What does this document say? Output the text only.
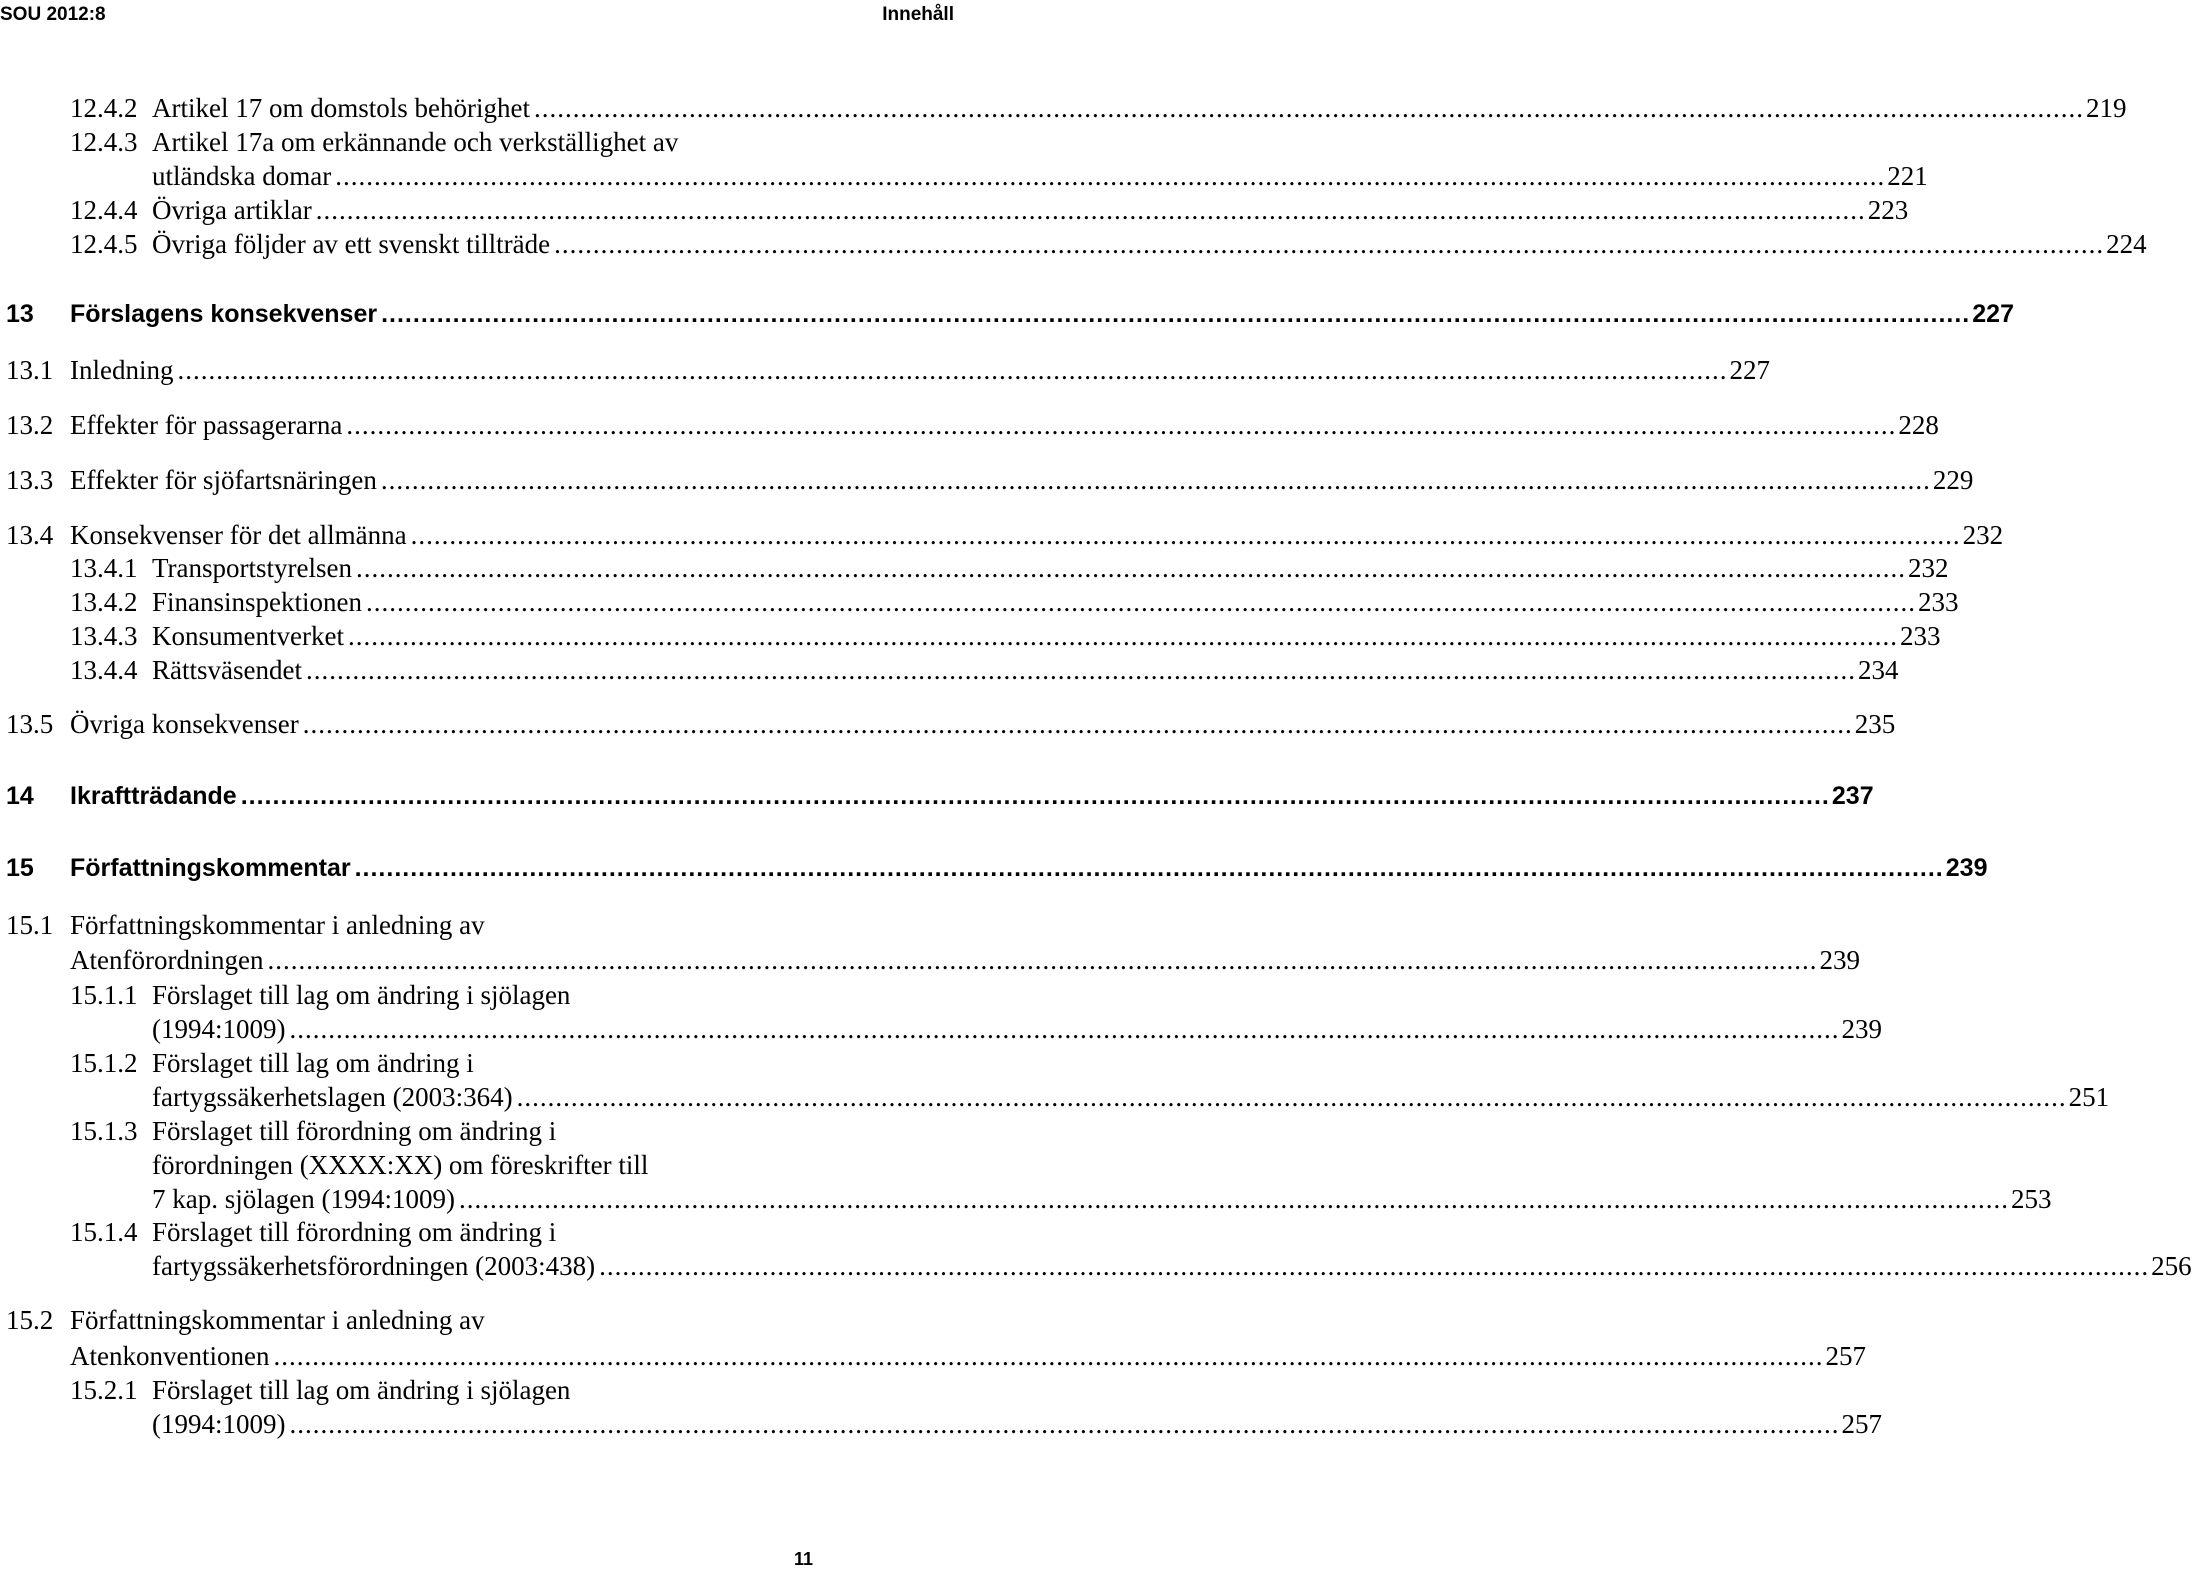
SOU 2012:8	Innehåll
12.4.2 Artikel 17 om domstols behörighet ........................................................................................................................................................................................................ 219
12.4.3 Artikel 17a om erkännande och verkställighet av
utländska domar ........................................................................................................................................................................................................ 221
12.4.4 Övriga artiklar ........................................................................................................................................................................................................ 223
12.4.5 Övriga följder av ett svenskt tillträde ........................................................................................................................................................................................................ 224
13 Förslagens konsekvenser ........................................................................................................................................................................................................ 227
13.1 Inledning ........................................................................................................................................................................................................ 227
13.2 Effekter för passagerarna ........................................................................................................................................................................................................ 228
13.3 Effekter för sjöfartsnäringen ........................................................................................................................................................................................................ 229
13.4 Konsekvenser för det allmänna ........................................................................................................................................................................................................ 232
13.4.1 Transportstyrelsen ........................................................................................................................................................................................................ 232
13.4.2 Finansinspektionen ........................................................................................................................................................................................................ 233
13.4.3 Konsumentverket ........................................................................................................................................................................................................ 233
13.4.4 Rättsväsendet ........................................................................................................................................................................................................ 234
13.5 Övriga konsekvenser ........................................................................................................................................................................................................ 235
14 Ikraftträdande ........................................................................................................................................................................................................ 237
15 Författningskommentar ........................................................................................................................................................................................................ 239
15.1 Författningskommentar i anledning av
Atenförordningen ........................................................................................................................................................................................................ 239
15.1.1 Förslaget till lag om ändring i sjölagen
(1994:1009) ........................................................................................................................................................................................................ 239
15.1.2 Förslaget till lag om ändring i
fartygssäkerhetslagen (2003:364) ........................................................................................................................................................................................................ 251
15.1.3 Förslaget till förordning om ändring i
förordningen (XXXX:XX) om föreskrifter till
7 kap. sjölagen (1994:1009) ........................................................................................................................................................................................................ 253
15.1.4 Förslaget till förordning om ändring i
fartygssäkerhetsförordningen (2003:438) ........................................................................................................................................................................................................ 256
15.2 Författningskommentar i anledning av
Atenkonventionen ........................................................................................................................................................................................................ 257
15.2.1 Förslaget till lag om ändring i sjölagen
(1994:1009) ........................................................................................................................................................................................................ 257
11
